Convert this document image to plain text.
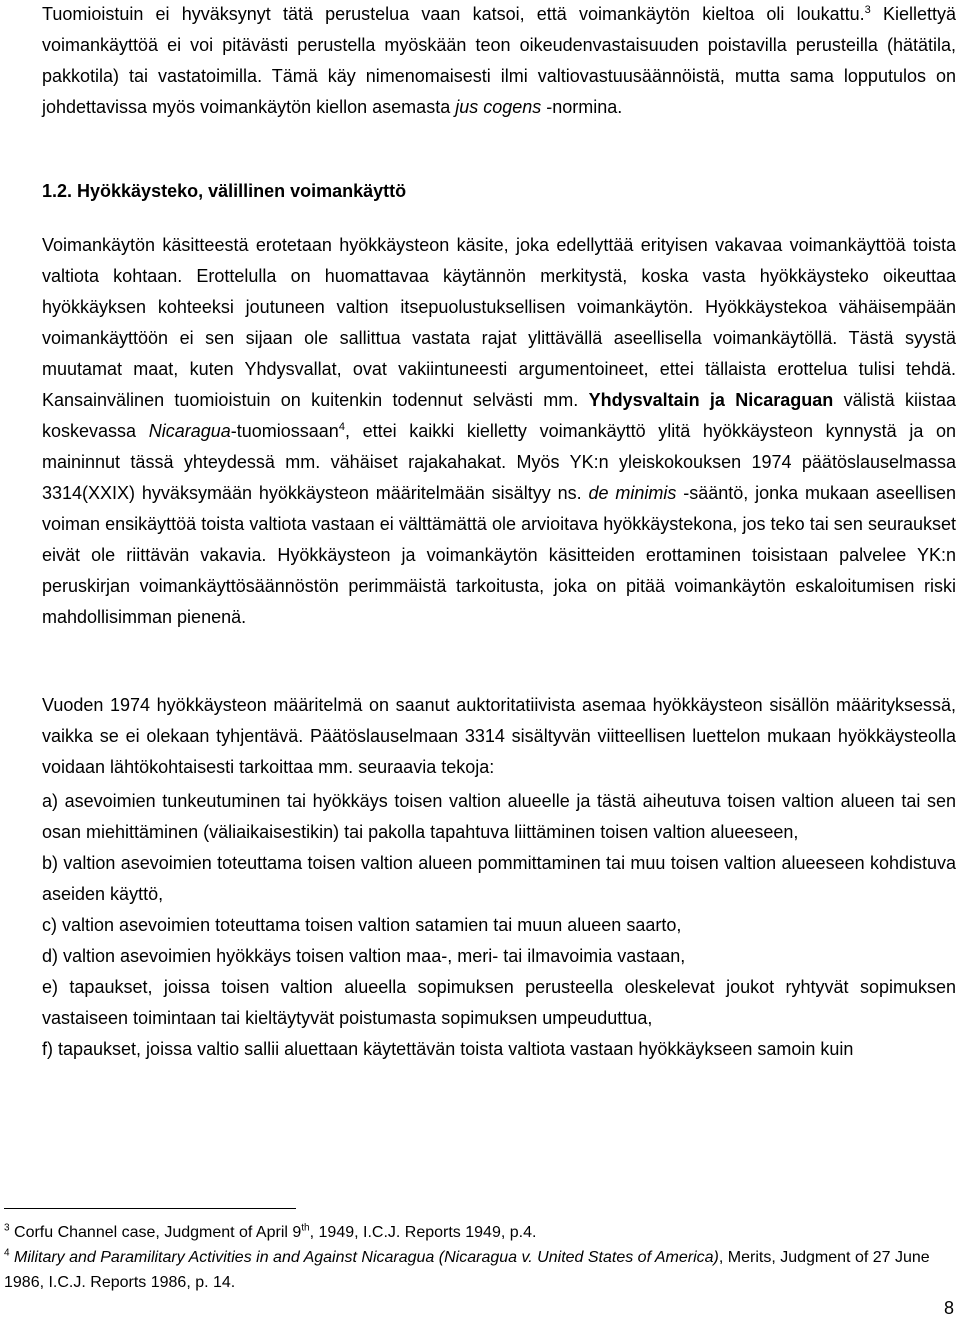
Tuomioistuin ei hyväksynyt tätä perustelua vaan katsoi, että voimankäytön kieltoa oli loukattu.$^3$ Kiellettyä voimankäyttöä ei voi pitävästi perustella myöskään teon oikeudenvastaisuuden poistavilla perusteilla (hätätila, pakkotila) tai vastatoimilla. Tämä käy nimenomaisesti ilmi valtiovastuusäännöistä, mutta sama lopputulos on johdettavissa myös voimankäytön kiellon asemasta jus cogens -normina.

1.2. Hyökkäysteko, välillinen voimankäyttö

Voimankäytön käsitteestä erotetaan hyökkäysteon käsite, joka edellyttää erityisen vakavaa voimankäyttöä toista valtiota kohtaan. Erottelulla on huomattavaa käytännön merkitystä, koska vasta hyökkäysteko oikeuttaa hyökkäyksen kohteeksi joutuneen valtion itsepuolustuksellisen voimankäytön. Hyökkäystekoa vähäisempään voimankäyttöön ei sen sijaan ole sallittua vastata rajat ylittävällä aseellisella voimankäytöllä. Tästä syystä muutamat maat, kuten Yhdysvallat, ovat vakiintuneesti argumentoineet, ettei tällaista erottelua tulisi tehdä. Kansainvälinen tuomioistuin on kuitenkin todennut selvästi mm. Yhdysvaltain ja Nicaraguan välistä kiistaa koskevassa Nicaragua-tuomiossaan$^4$, ettei kaikki kielletty voimankäyttö ylitä hyökkäysteon kynnystä ja on maininnut tässä yhteydessä mm. vähäiset rajakahakat. Myös YK:n yleiskokouksen 1974 päätöslauselmassa 3314(XXIX) hyväksymään hyökkäysteon määritelmään sisältyy ns. de minimis -sääntö, jonka mukaan aseellisen voiman ensikäyttöä toista valtiota vastaan ei välttämättä ole arvioitava hyökkäystekona, jos teko tai sen seuraukset eivät ole riittävän vakavia. Hyökkäysteon ja voimankäytön käsitteiden erottaminen toisistaan palvelee YK:n peruskirjan voimankäyttösäännöstön perimmäistä tarkoitusta, joka on pitää voimankäytön eskaloitumisen riski mahdollisimman pienenä.

Vuoden 1974 hyökkäysteon määritelmä on saanut auktoritatiivista asemaa hyökkäysteon sisällön määrityksessä, vaikka se ei olekaan tyhjentävä. Päätöslauselmaan 3314 sisältyvän viitteellisen luettelon mukaan hyökkäysteolla voidaan lähtökohtaisesti tarkoittaa mm. seuraavia tekoja:

a) asevoimien tunkeutuminen tai hyökkäys toisen valtion alueelle ja tästä aiheutuva toisen valtion alueen tai sen osan miehittäminen (väliaikaisestikin) tai pakolla tapahtuva liittäminen toisen valtion alueeseen,

b) valtion asevoimien toteuttama toisen valtion alueen pommittaminen tai muu toisen valtion alueeseen kohdistuva aseiden käyttö,

c) valtion asevoimien toteuttama toisen valtion satamien tai muun alueen saarto,

d) valtion asevoimien hyökkäys toisen valtion maa-, meri- tai ilmavoimia vastaan,

e) tapaukset, joissa toisen valtion alueella sopimuksen perusteella oleskelevat joukot ryhtyvät sopimuksen vastaiseen toimintaan tai kieltäytyvät poistumasta sopimuksen umpeuduttua,

f) tapaukset, joissa valtio sallii aluettaan käytettävän toista valtiota vastaan hyökkäykseen samoin kuin

$^3$ Corfu Channel case, Judgment of April 9th, 1949, I.C.J. Reports 1949, p.4.
$^4$ Military and Paramilitary Activities in and Against Nicaragua (Nicaragua v. United States of America), Merits, Judgment of 27 June 1986, I.C.J. Reports 1986, p. 14.
8
